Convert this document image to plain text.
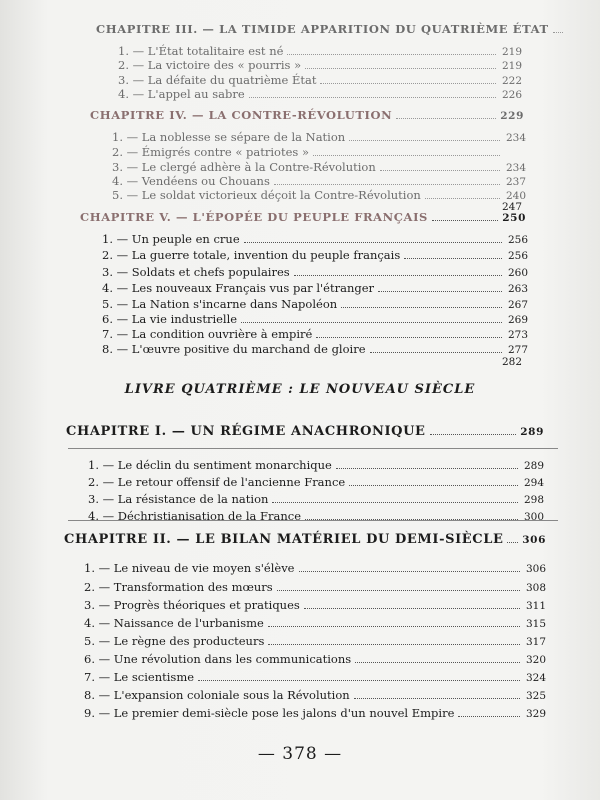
CHAPITRE III. — LA TIMIDE APPARITION DU QUATRIÈME ÉTAT
1. — L'État totalitaire est né	219
2. — La victoire des « pourris »	219
3. — La défaite du quatrième État	222
4. — L'appel au sabre	226
CHAPITRE IV. — LA CONTRE-RÉVOLUTION	229
1. — La noblesse se sépare de la Nation	234
2. — Émigrés contre « patriotes »
3. — Le clergé adhère à la Contre-Révolution	234
4. — Vendéens ou Chouans	237
5. — Le soldat victorieux déçoit la Contre-Révolution	240
247
CHAPITRE V. — L'ÉPOPÉE DU PEUPLE FRANÇAIS	250
1. — Un peuple en crue	256
2. — La guerre totale, invention du peuple français	256
3. — Soldats et chefs populaires	260
4. — Les nouveaux Français vus par l'étranger	263
5. — La Nation s'incarne dans Napoléon	267
6. — La vie industrielle	269
7. — La condition ouvrière à empiré	273
8. — L'œuvre positive du marchand de gloire	277
282
CHAPITRE I. — UN RÉGIME ANACHRONIQUE	289
1. — Le déclin du sentiment monarchique	289
2. — Le retour offensif de l'ancienne France	294
3. — La résistance de la nation	298
4. — Déchristianisation de la France	300
CHAPITRE II. — LE BILAN MATÉRIEL DU DEMI-SIÈCLE 306
1. — Le niveau de vie moyen s'élève	306
2. — Transformation des mœurs	308
3. — Progrès théoriques et pratiques	311
4. — Naissance de l'urbanisme	315
5. — Le règne des producteurs	317
6. — Une révolution dans les communications	320
7. — Le scientisme	324
8. — L'expansion coloniale sous la Révolution	325
9. — Le premier demi-siècle pose les jalons d'un nouvel Empire	329
LIVRE QUATRIÈME : LE NOUVEAU SIÈCLE
— 378 —
